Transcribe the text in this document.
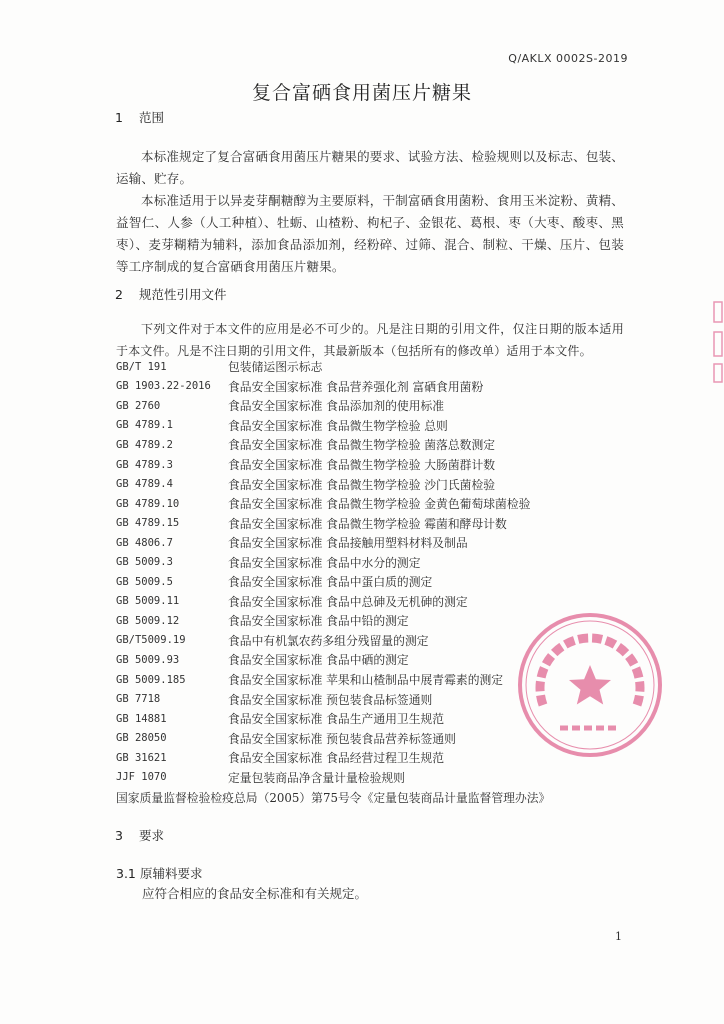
Q/AKLX 0002S-2019
复合富硒食用菌压片糖果
1 范围
本标准规定了复合富硒食用菌压片糖果的要求、试验方法、检验规则以及标志、包装、运输、贮存。
本标准适用于以异麦芽酮糖醇为主要原料，干制富硒食用菌粉、食用玉米淀粉、黄精、益智仁、人参（人工种植）、牡蛎、山楂粉、枸杞子、金银花、葛根、枣（大枣、酸枣、黑枣）、麦芽糊精为辅料，添加食品添加剂，经粉碎、过筛、混合、制粒、干燥、压片、包装等工序制成的复合富硒食用菌压片糖果。
2 规范性引用文件
下列文件对于本文件的应用是必不可少的。凡是注日期的引用文件，仅注日期的版本适用于本文件。凡是不注日期的引用文件，其最新版本（包括所有的修改单）适用于本文件。
GB/T 191	包装储运图示标志
GB 1903.22-2016	食品安全国家标准 食品营养强化剂 富硒食用菌粉
GB 2760	食品安全国家标准 食品添加剂的使用标准
GB 4789.1	食品安全国家标准 食品微生物学检验 总则
GB 4789.2	食品安全国家标准 食品微生物学检验 菌落总数测定
GB 4789.3	食品安全国家标准 食品微生物学检验 大肠菌群计数
GB 4789.4	食品安全国家标准 食品微生物学检验 沙门氏菌检验
GB 4789.10	食品安全国家标准 食品微生物学检验 金黄色葡萄球菌检验
GB 4789.15	食品安全国家标准 食品微生物学检验 霉菌和酵母计数
GB 4806.7	食品安全国家标准 食品接触用塑料材料及制品
GB 5009.3	食品安全国家标准 食品中水分的测定
GB 5009.5	食品安全国家标准 食品中蛋白质的测定
GB 5009.11	食品安全国家标准 食品中总砷及无机砷的测定
GB 5009.12	食品安全国家标准 食品中铅的测定
GB/T5009.19	食品中有机氯农药多组分残留量的测定
GB 5009.93	食品安全国家标准 食品中硒的测定
GB 5009.185	食品安全国家标准 苹果和山楂制品中展青霉素的测定
GB 7718	食品安全国家标准 预包装食品标签通则
GB 14881	食品安全国家标准 食品生产通用卫生规范
GB 28050	食品安全国家标准 预包装食品营养标签通则
GB 31621	食品安全国家标准 食品经营过程卫生规范
JJF 1070	定量包装商品净含量计量检验规则
国家质量监督检验检疫总局（2005）第75号令《定量包装商品计量监督管理办法》
3 要求
3.1 原辅料要求
应符合相应的食品安全标准和有关规定。
1
